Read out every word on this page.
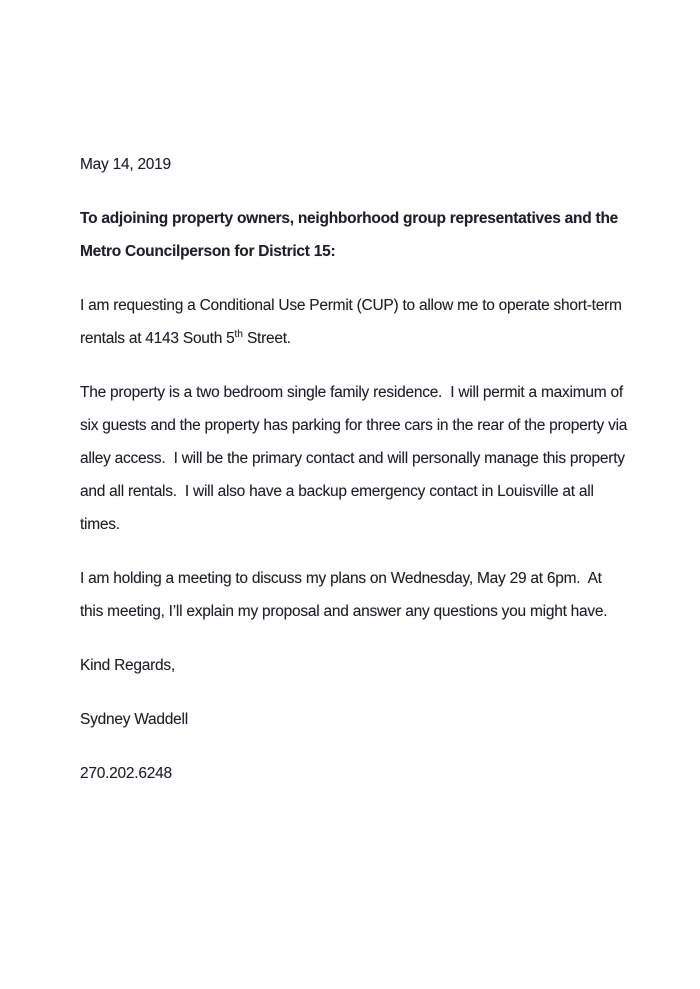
May 14, 2019

To adjoining property owners, neighborhood group representatives and the Metro Councilperson for District 15:

I am requesting a Conditional Use Permit (CUP) to allow me to operate short-term rentals at 4143 South 5th Street.

The property is a two bedroom single family residence.  I will permit a maximum of six guests and the property has parking for three cars in the rear of the property via alley access.  I will be the primary contact and will personally manage this property and all rentals.  I will also have a backup emergency contact in Louisville at all times.

I am holding a meeting to discuss my plans on Wednesday, May 29 at 6pm.  At this meeting, I’ll explain my proposal and answer any questions you might have.

Kind Regards,

Sydney Waddell

270.202.6248
